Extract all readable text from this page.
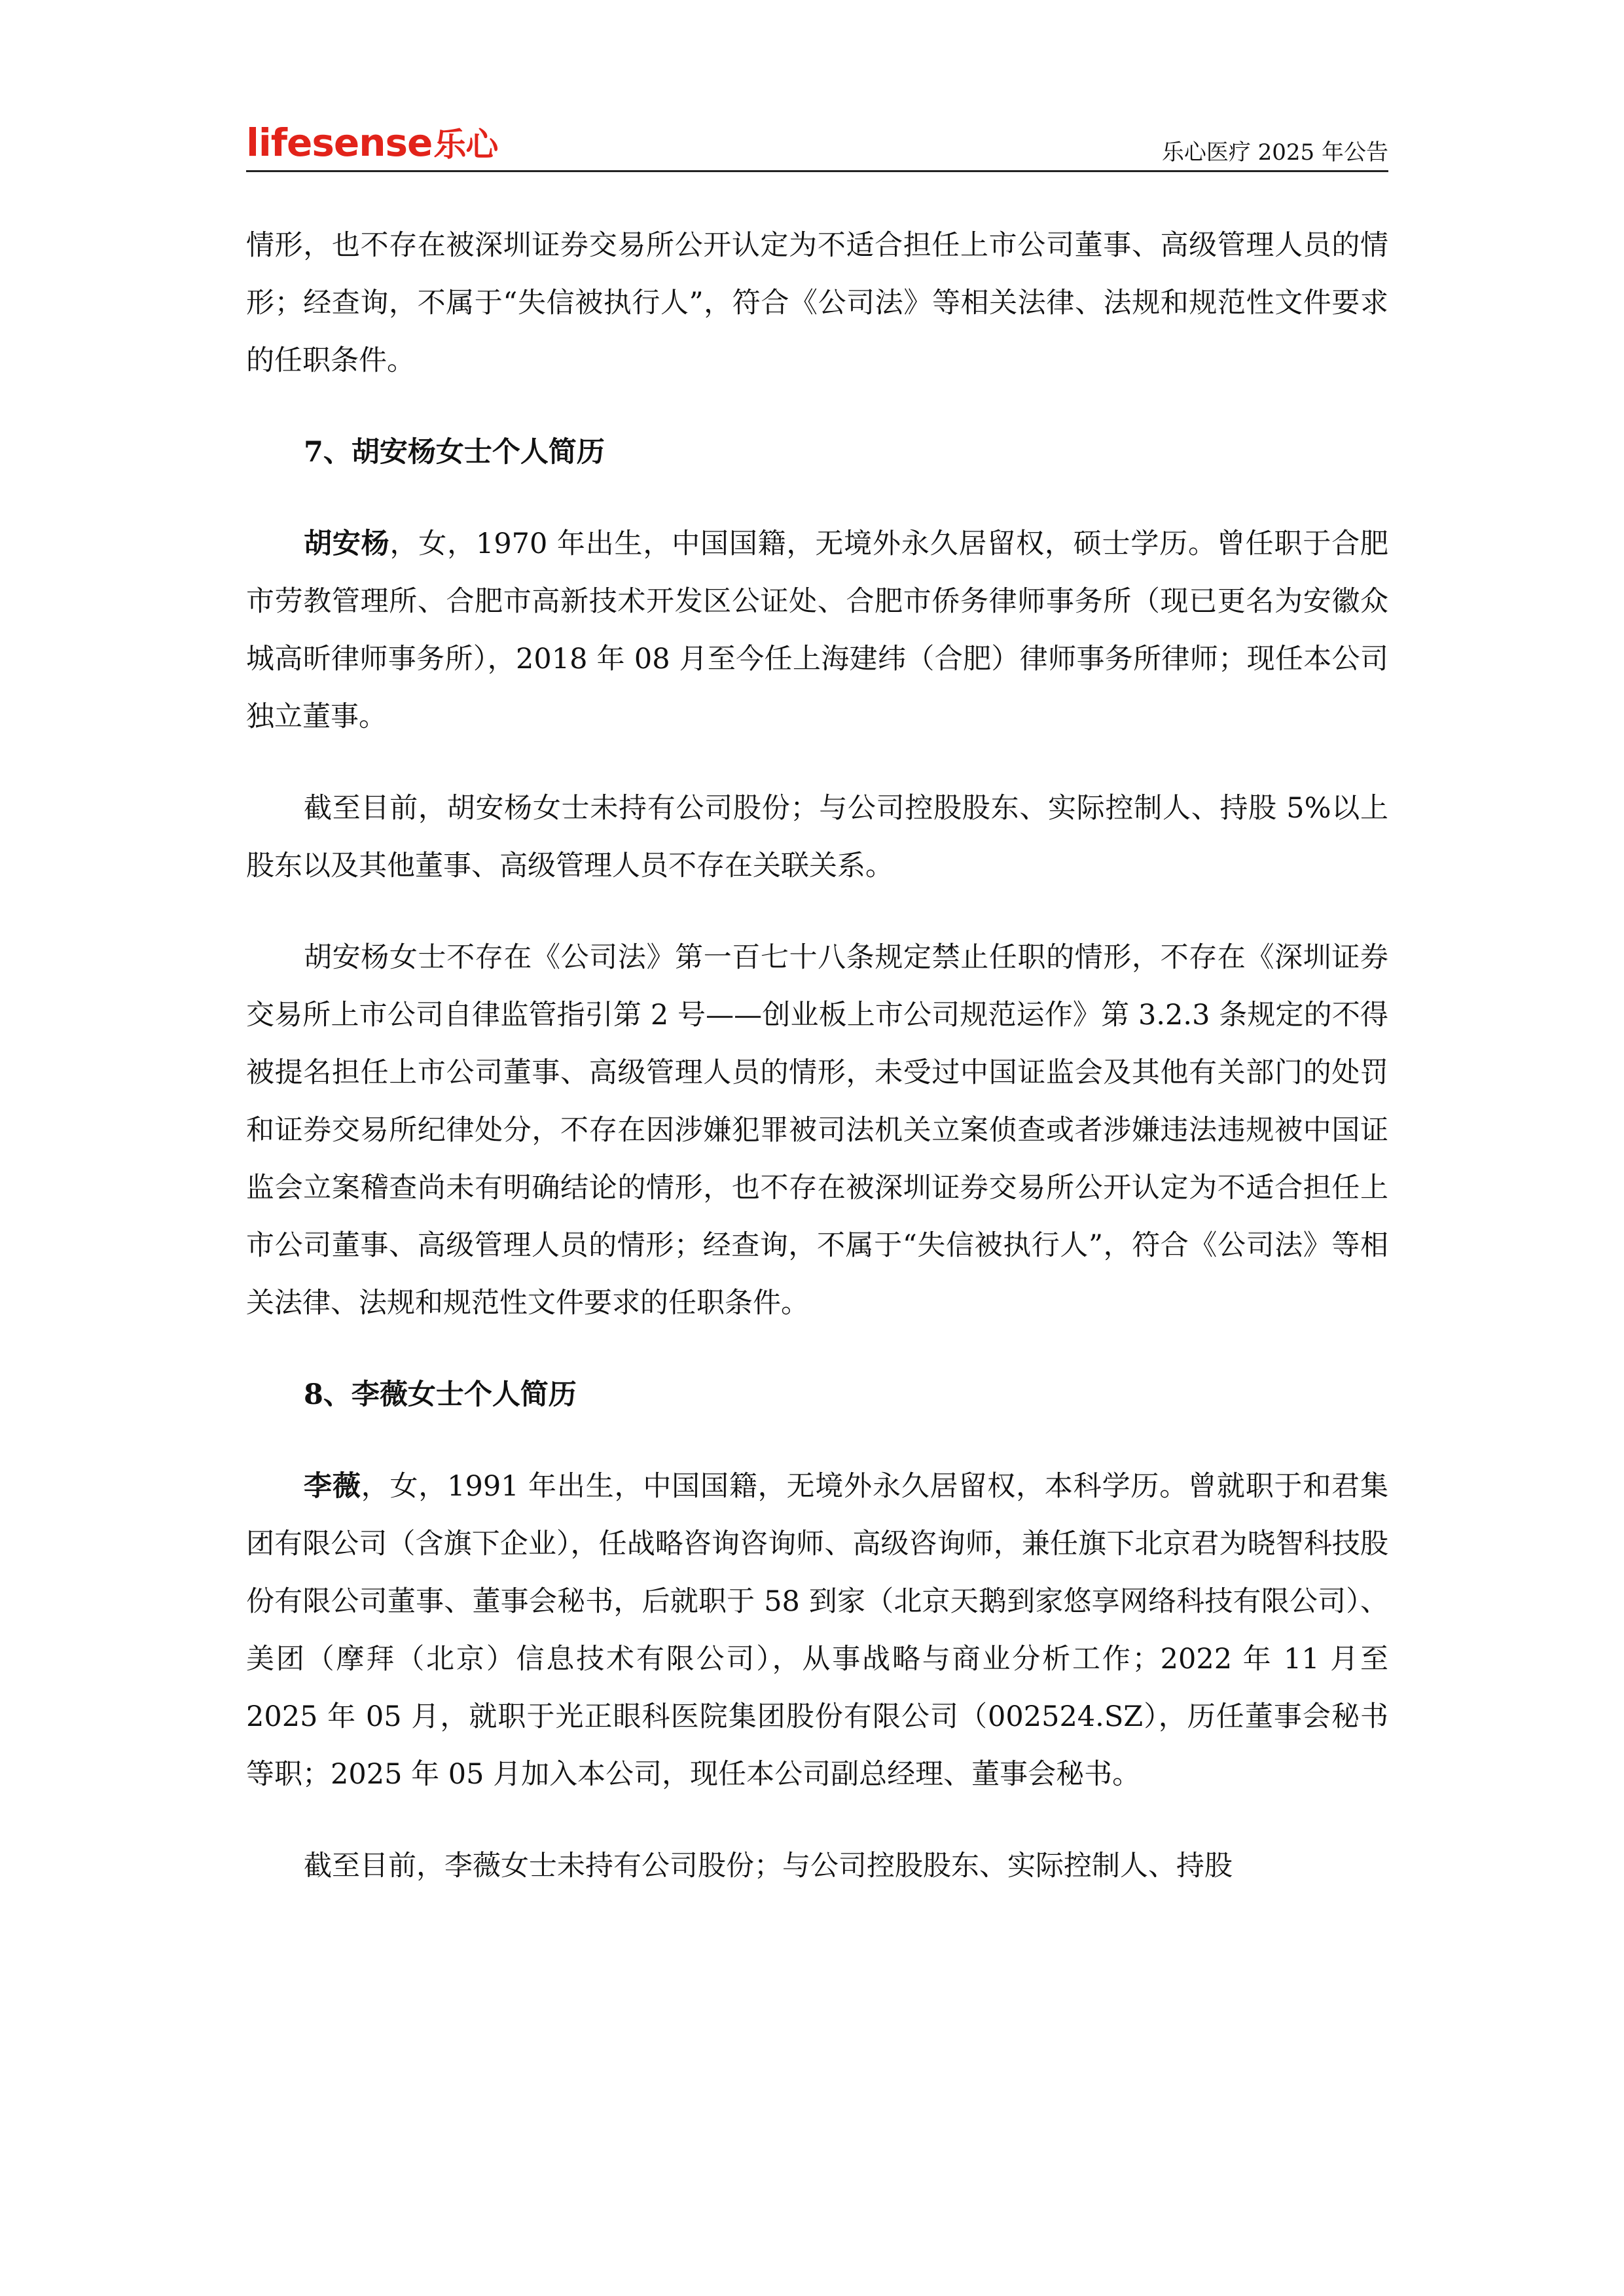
lifesense乐心	乐心医疗 2025 年公告

情形，也不存在被深圳证券交易所公开认定为不适合担任上市公司董事、高级管理人员的情形；经查询，不属于“失信被执行人”，符合《公司法》等相关法律、法规和规范性文件要求的任职条件。

7、胡安杨女士个人简历

胡安杨，女，1970 年出生，中国国籍，无境外永久居留权，硕士学历。曾任职于合肥市劳教管理所、合肥市高新技术开发区公证处、合肥市侨务律师事务所（现已更名为安徽众城高昕律师事务所），2018 年 08 月至今任上海建纬（合肥）律师事务所律师；现任本公司独立董事。

截至目前，胡安杨女士未持有公司股份；与公司控股股东、实际控制人、持股 5%以上股东以及其他董事、高级管理人员不存在关联关系。

胡安杨女士不存在《公司法》第一百七十八条规定禁止任职的情形，不存在《深圳证券交易所上市公司自律监管指引第 2 号——创业板上市公司规范运作》第 3.2.3 条规定的不得被提名担任上市公司董事、高级管理人员的情形，未受过中国证监会及其他有关部门的处罚和证券交易所纪律处分，不存在因涉嫌犯罪被司法机关立案侦查或者涉嫌违法违规被中国证监会立案稽查尚未有明确结论的情形，也不存在被深圳证券交易所公开认定为不适合担任上市公司董事、高级管理人员的情形；经查询，不属于“失信被执行人”，符合《公司法》等相关法律、法规和规范性文件要求的任职条件。

8、李薇女士个人简历

李薇，女，1991 年出生，中国国籍，无境外永久居留权，本科学历。曾就职于和君集团有限公司（含旗下企业），任战略咨询咨询师、高级咨询师，兼任旗下北京君为晓智科技股份有限公司董事、董事会秘书，后就职于 58 到家（北京天鹅到家悠享网络科技有限公司）、美团（摩拜（北京）信息技术有限公司），从事战略与商业分析工作；2022 年 11 月至 2025 年 05 月，就职于光正眼科医院集团股份有限公司（002524.SZ），历任董事会秘书等职；2025 年 05 月加入本公司，现任本公司副总经理、董事会秘书。

截至目前，李薇女士未持有公司股份；与公司控股股东、实际控制人、持股
